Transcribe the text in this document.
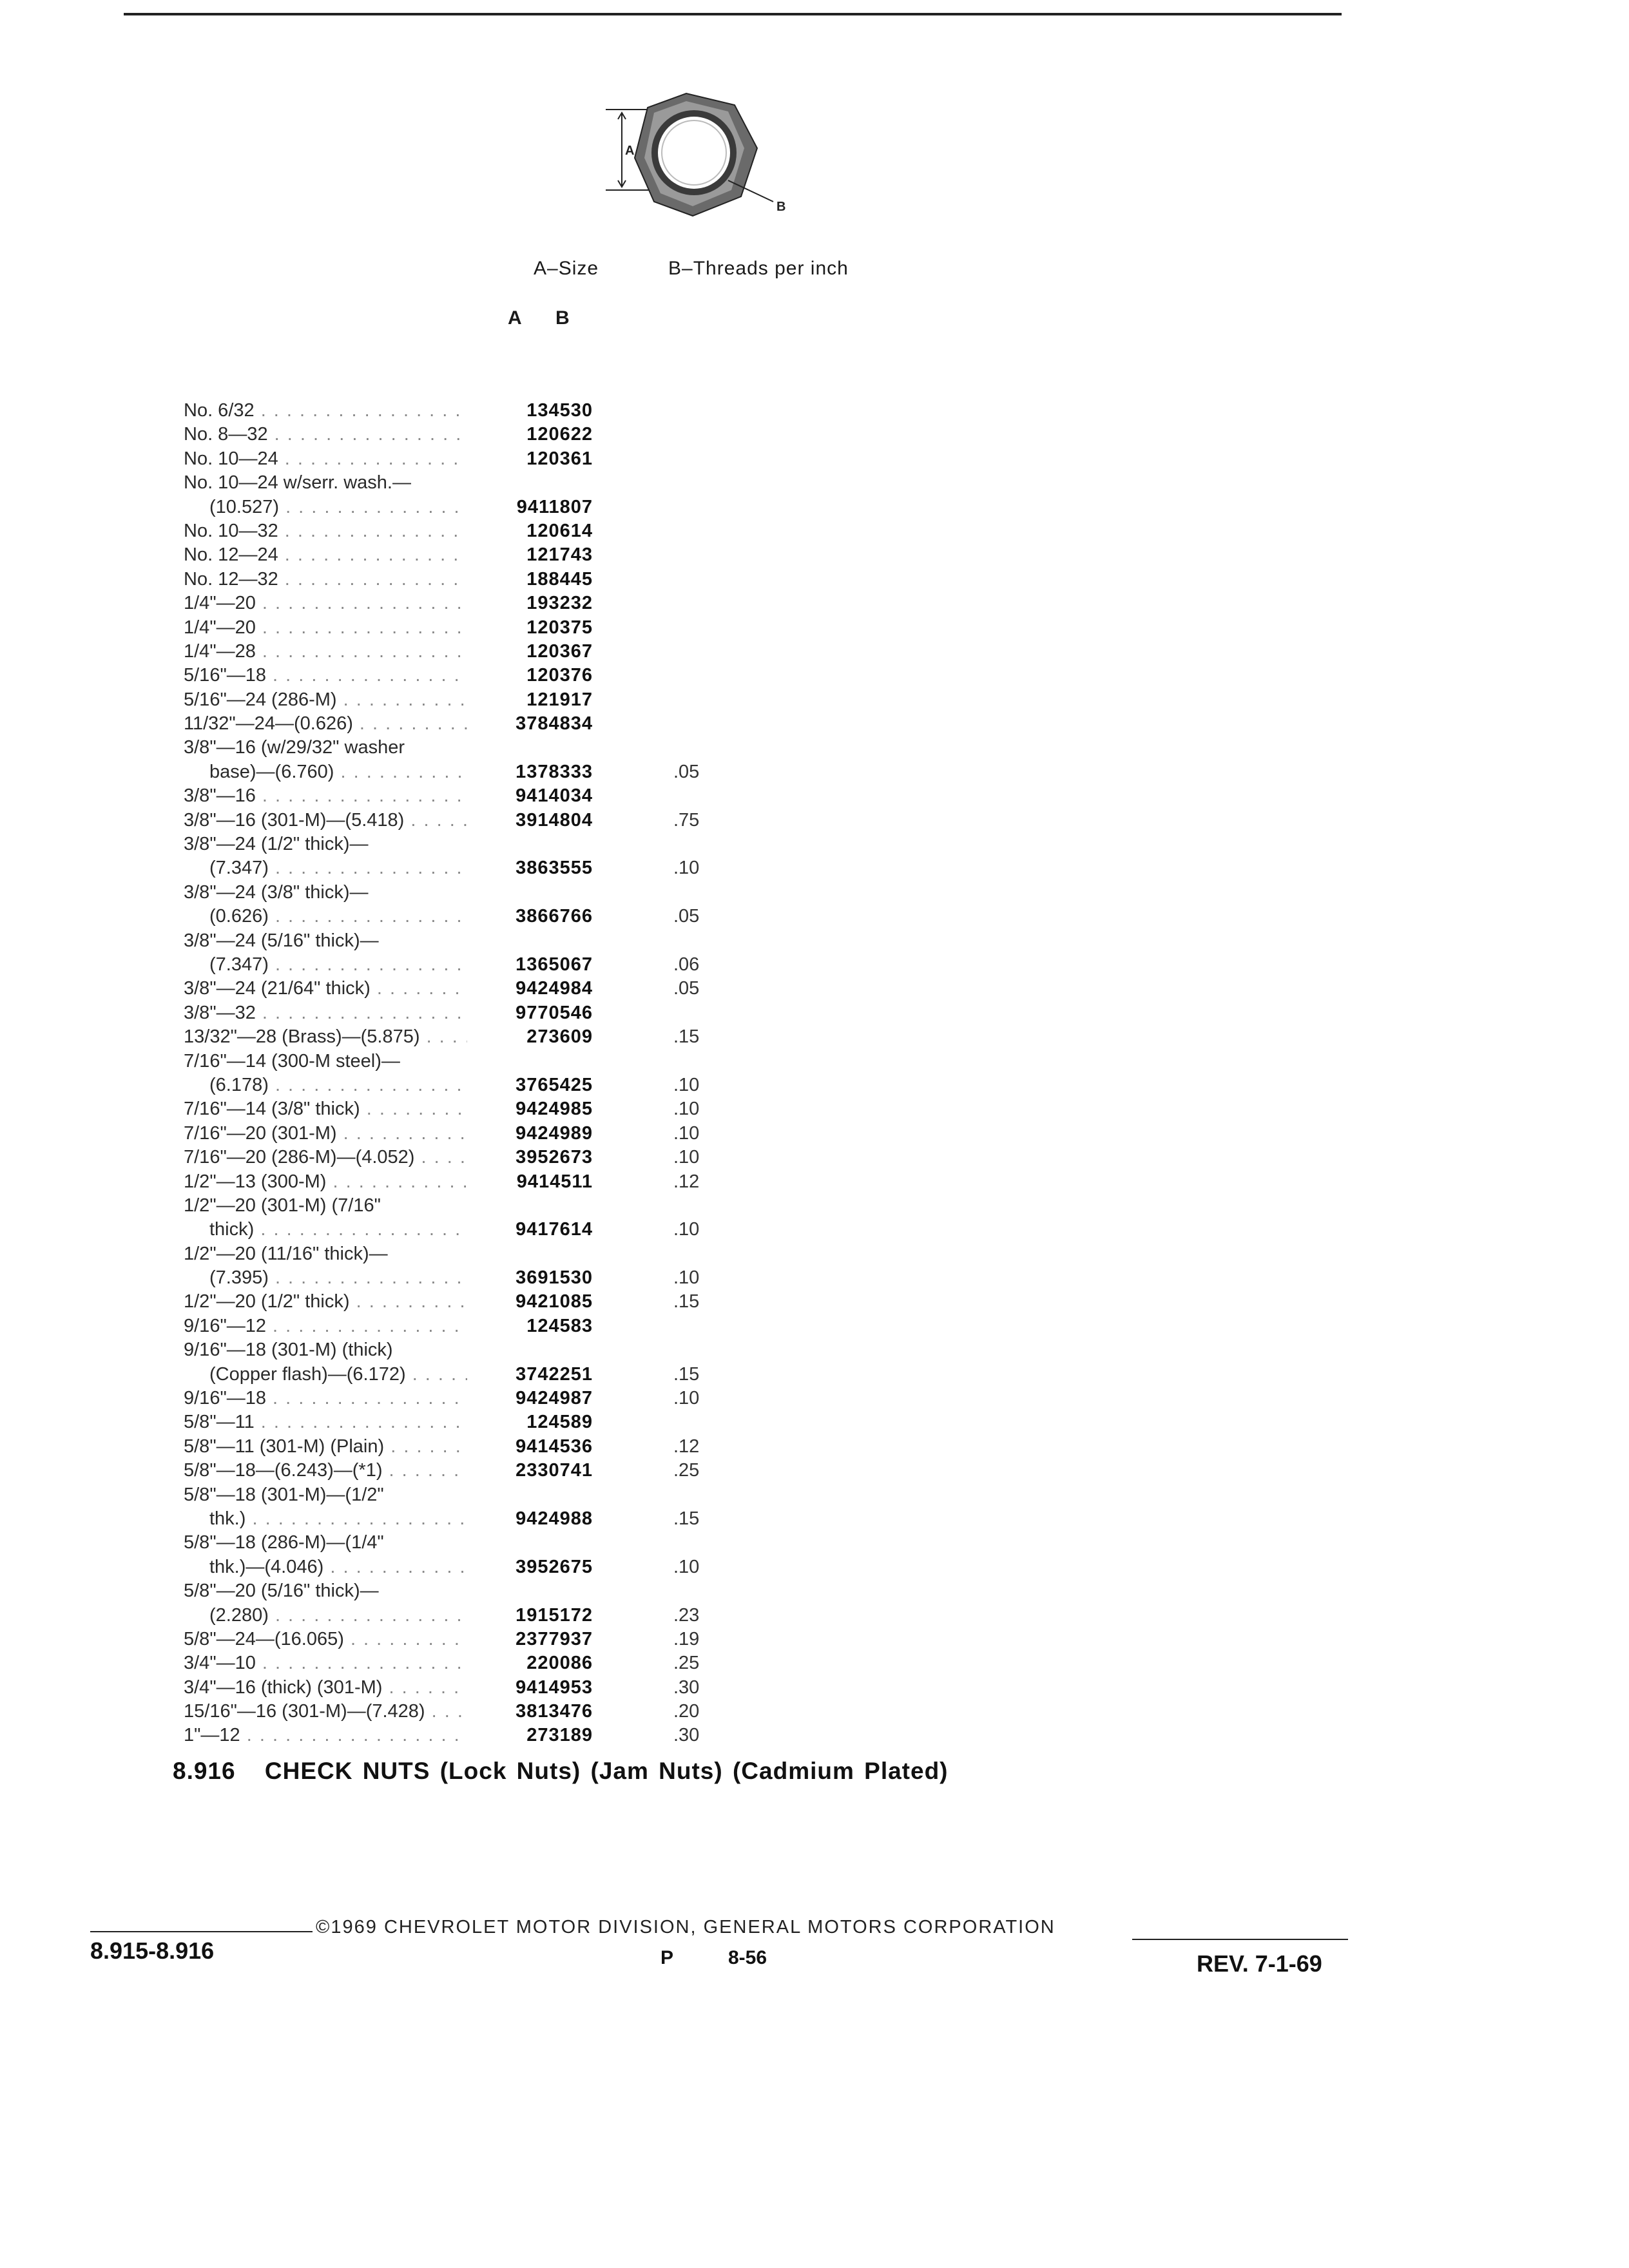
A
B
A–Size	B–Threads per inch
A B
No. 6/32 . . .	134530
No. 8—32 . . .	120622
No. 10—24 . . .	120361
No. 10—24 w/serr. wash.—
(10.527) . . .	9411807
No. 10—32 . . .	120614
No. 12—24 . . .	121743
No. 12—32 . . .	188445
1/4"—20 . . .	193232
1/4"—20 . . .	120375
1/4"—28 . . .	120367
5/16"—18 . . .	120376
5/16"—24 (286-M) . . .	121917
11/32"—24—(0.626) . . .	3784834
3/8"—16 (w/29/32" washer
base)—(6.760) . . .	1378333	.05
3/8"—16 . . .	9414034
3/8"—16 (301-M)—(5.418) . . .	3914804	.75
3/8"—24 (1/2" thick)—
(7.347) . . .	3863555	.10
3/8"—24 (3/8" thick)—
(0.626) . . .	3866766	.05
3/8"—24 (5/16" thick)—
(7.347) . . .	1365067	.06
3/8"—24 (21/64" thick) . . .	9424984	.05
3/8"—32 . . .	9770546
13/32"—28 (Brass)—(5.875) . . .	273609	.15
7/16"—14 (300-M steel)—
(6.178) . . .	3765425	.10
7/16"—14 (3/8" thick) . . .	9424985	.10
7/16"—20 (301-M) . . .	9424989	.10
7/16"—20 (286-M)—(4.052) . . .	3952673	.10
1/2"—13 (300-M) . . .	9414511	.12
1/2"—20 (301-M) (7/16"
thick) . . .	9417614	.10
1/2"—20 (11/16" thick)—
(7.395) . . .	3691530	.10
1/2"—20 (1/2" thick) . . .	9421085	.15
9/16"—12 . . .	124583
9/16"—18 (301-M) (thick)
(Copper flash)—(6.172) . . .	3742251	.15
9/16"—18 . . .	9424987	.10
5/8"—11 . . .	124589
5/8"—11 (301-M) (Plain) . . .	9414536	.12
5/8"—18—(6.243)—(*1) . . .	2330741	.25
5/8"—18 (301-M)—(1/2"
thk.) . . .	9424988	.15
5/8"—18 (286-M)—(1/4"
thk.)—(4.046) . . .	3952675	.10
5/8"—20 (5/16" thick)—
(2.280) . . .	1915172	.23
5/8"—24—(16.065) . . .	2377937	.19
3/4"—10 . . .	220086	.25
3/4"—16 (thick) (301-M) . . .	9414953	.30
15/16"—16 (301-M)—(7.428) . . .	3813476	.20
1"—12 . . .	273189	.30
8.916 CHECK NUTS (Lock Nuts) (Jam Nuts) (Cadmium Plated)
©1969 CHEVROLET MOTOR DIVISION, GENERAL MOTORS CORPORATION
8.915-8.916	P	8-56	REV. 7-1-69
